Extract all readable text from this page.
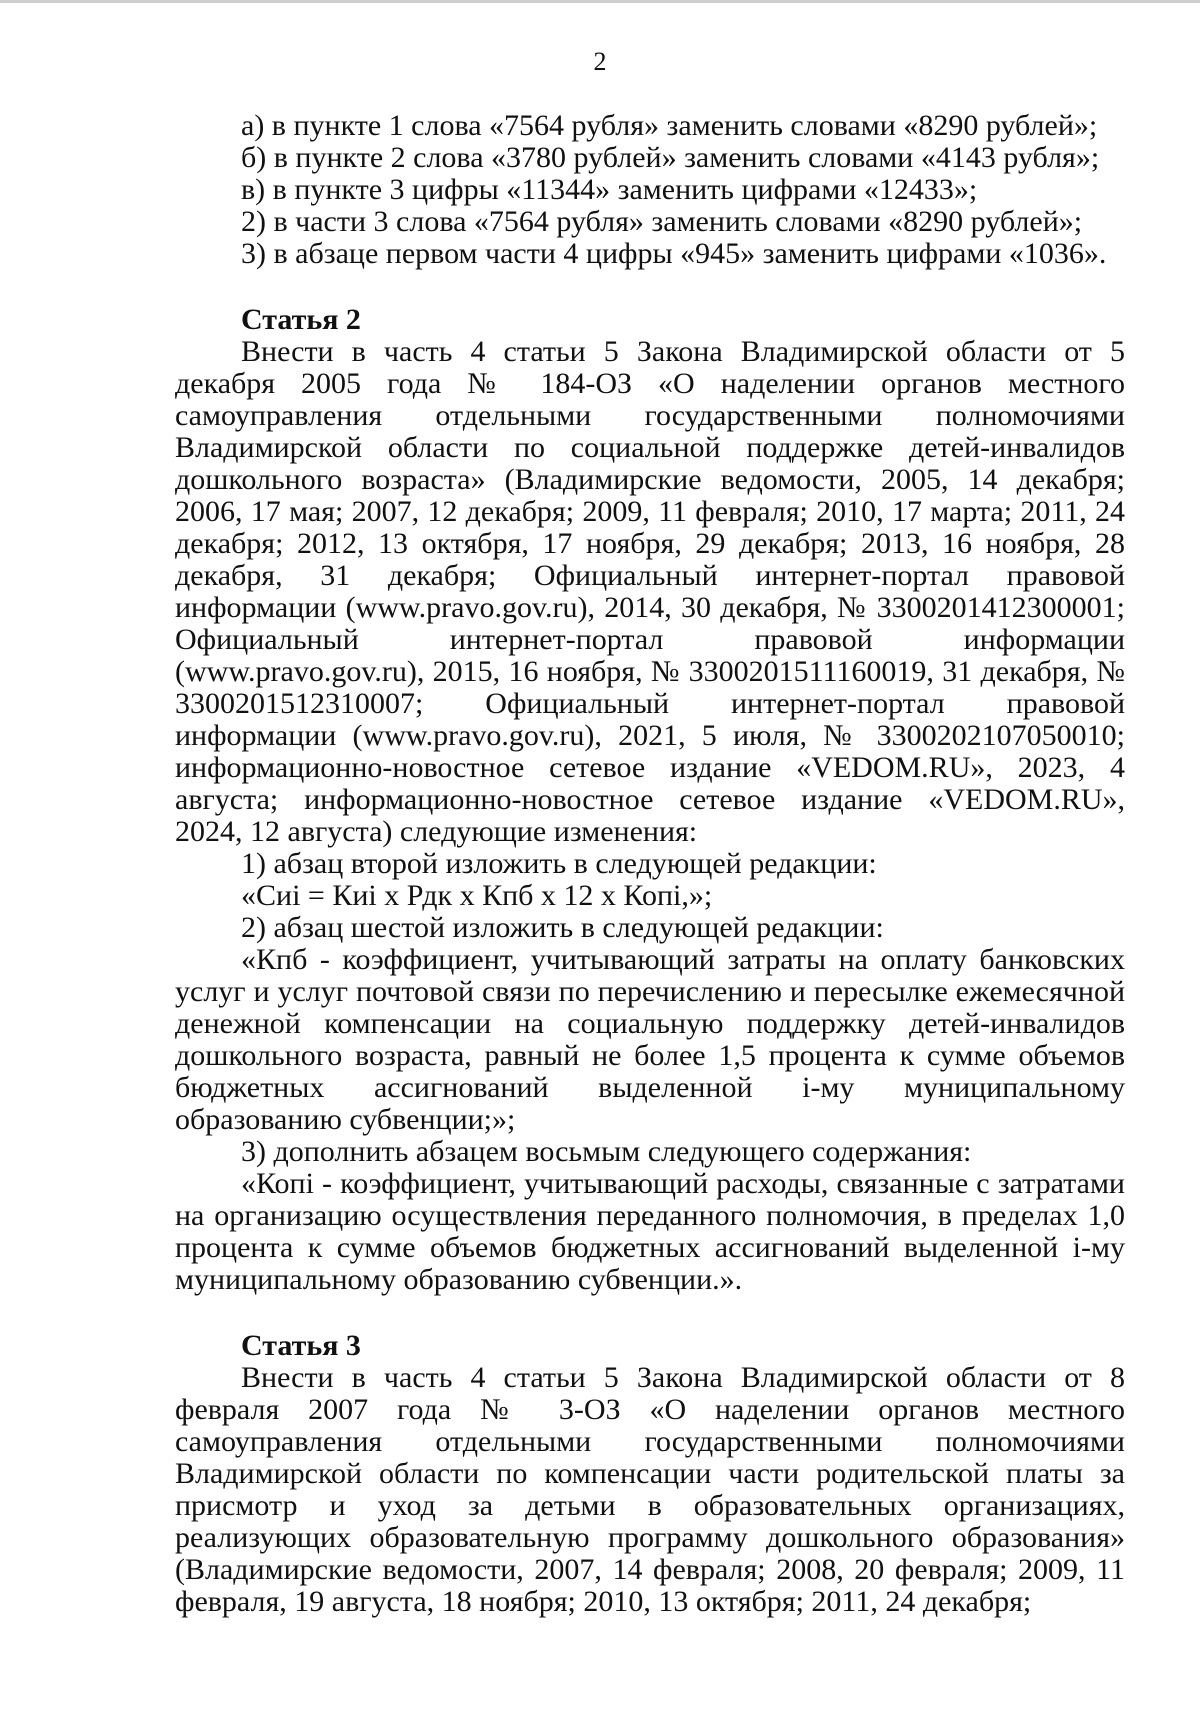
2

а) в пункте 1 слова «7564 рубля» заменить словами «8290 рублей»;

б) в пункте 2 слова «3780 рублей» заменить словами «4143 рубля»;

в) в пункте 3 цифры «11344» заменить цифрами «12433»;

2) в части 3 слова «7564 рубля» заменить словами «8290 рублей»;

3) в абзаце первом части 4 цифры «945» заменить цифрами «1036».

Статья 2

Внести в часть 4 статьи 5 Закона Владимирской области от 5 декабря 2005 года № 184-ОЗ «О наделении органов местного самоуправления отдельными государственными полномочиями Владимирской области по социальной поддержке детей-инвалидов дошкольного возраста» (Владимирские ведомости, 2005, 14 декабря; 2006, 17 мая; 2007, 12 декабря; 2009, 11 февраля; 2010, 17 марта; 2011, 24 декабря; 2012, 13 октября, 17 ноября, 29 декабря; 2013, 16 ноября, 28 декабря, 31 декабря; Официальный интернет-портал правовой информации (www.pravo.gov.ru), 2014, 30 декабря, № 3300201412300001; Официальный интернет-портал правовой информации (www.pravo.gov.ru), 2015, 16 ноября, № 3300201511160019, 31 декабря, № 3300201512310007; Официальный интернет-портал правовой информации (www.pravo.gov.ru), 2021, 5 июля, № 3300202107050010; информационно-новостное сетевое издание «VEDOM.RU», 2023, 4 августа; информационно-новостное сетевое издание «VEDOM.RU», 2024, 12 августа) следующие изменения:

1) абзац второй изложить в следующей редакции:

«Сиі = Киі х Рдк х Кпб х 12 х Копі,»;

2) абзац шестой изложить в следующей редакции:

«Кпб - коэффициент, учитывающий затраты на оплату банковских услуг и услуг почтовой связи по перечислению и пересылке ежемесячной денежной компенсации на социальную поддержку детей-инвалидов дошкольного возраста, равный не более 1,5 процента к сумме объемов бюджетных ассигнований выделенной і-му муниципальному образованию субвенции;»;

3) дополнить абзацем восьмым следующего содержания:

«Копі - коэффициент, учитывающий расходы, связанные с затратами на организацию осуществления переданного полномочия, в пределах 1,0 процента к сумме объемов бюджетных ассигнований выделенной і-му муниципальному образованию субвенции.».

Статья 3

Внести в часть 4 статьи 5 Закона Владимирской области от 8 февраля 2007 года № 3-ОЗ «О наделении органов местного самоуправления отдельными государственными полномочиями Владимирской области по компенсации части родительской платы за присмотр и уход за детьми в образовательных организациях, реализующих образовательную программу дошкольного образования» (Владимирские ведомости, 2007, 14 февраля; 2008, 20 февраля; 2009, 11 февраля, 19 августа, 18 ноября; 2010, 13 октября; 2011, 24 декабря;
